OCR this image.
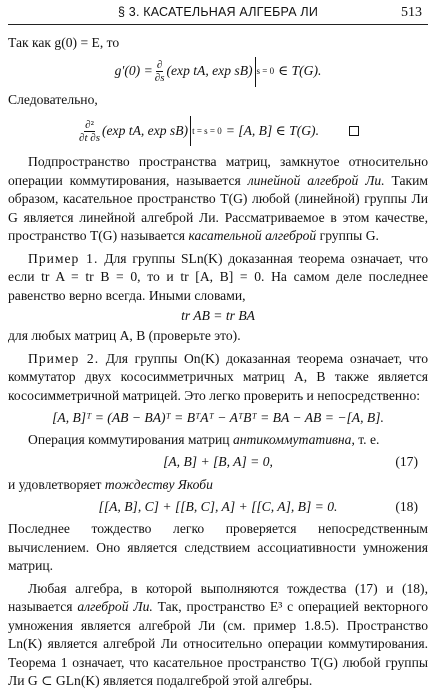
§ 3. КАСАТЕЛЬНАЯ АЛГЕБРА ЛИ	513

Так как g(0) = E, то

$g'(0) = \frac{\partial}{\partial s} (\exp$ tA, exp sB) s = 0 ∈ T(G).

Следовательно,

$\frac{\text{∂²}}{\partial t \partial s} (\exp$ tA, exp sB) t = s = 0 = [A, B] ∈ T(G).

Подпространство пространства матриц, замкнутое относительно операции коммутирования, называется линейной алгеброй Ли. Таким образом, касательное пространство T(G) любой (линейной) группы Ли G является линейной алгеброй Ли. Рассматриваемое в этом качестве, пространство T(G) называется касательной алгеброй группы G.

Пример 1. Для группы SLn(K) доказанная теорема означает, что если tr A = tr B = 0, то и tr [A, B] = 0. На самом деле последнее равенство верно всегда. Иными словами,

tr AB = tr BA

для любых матриц A, B (проверьте это).

Пример 2. Для группы On(K) доказанная теорема означает, что коммутатор двух кососимметричных матриц A, B также является кососимметричной матрицей. Это легко проверить и непосредственно:

[A, B]ᵀ = (AB − BA)ᵀ = BᵀAᵀ − AᵀBᵀ = BA − AB = −[A, B].

Операция коммутирования матриц антикоммутативна, т. е.

[A, B] + [B, A] = 0,	(17)

и удовлетворяет тождеству Якоби

[[A, B], C] + [[B, C], A] + [[C, A], B] = 0.	(18)

Последнее тождество легко проверяется непосредственным вычислением. Оно является следствием ассоциативности умножения матриц.

Любая алгебра, в которой выполняются тождества (17) и (18), называется алгеброй Ли. Так, пространство E³ с операцией векторного умножения является алгеброй Ли (см. пример 1.8.5). Пространство Ln(K) является алгеброй Ли относительно операции коммутирования. Теорема 1 означает, что касательное пространство T(G) любой группы Ли G ⊂ GLn(K) является подалгеброй этой алгебры.
